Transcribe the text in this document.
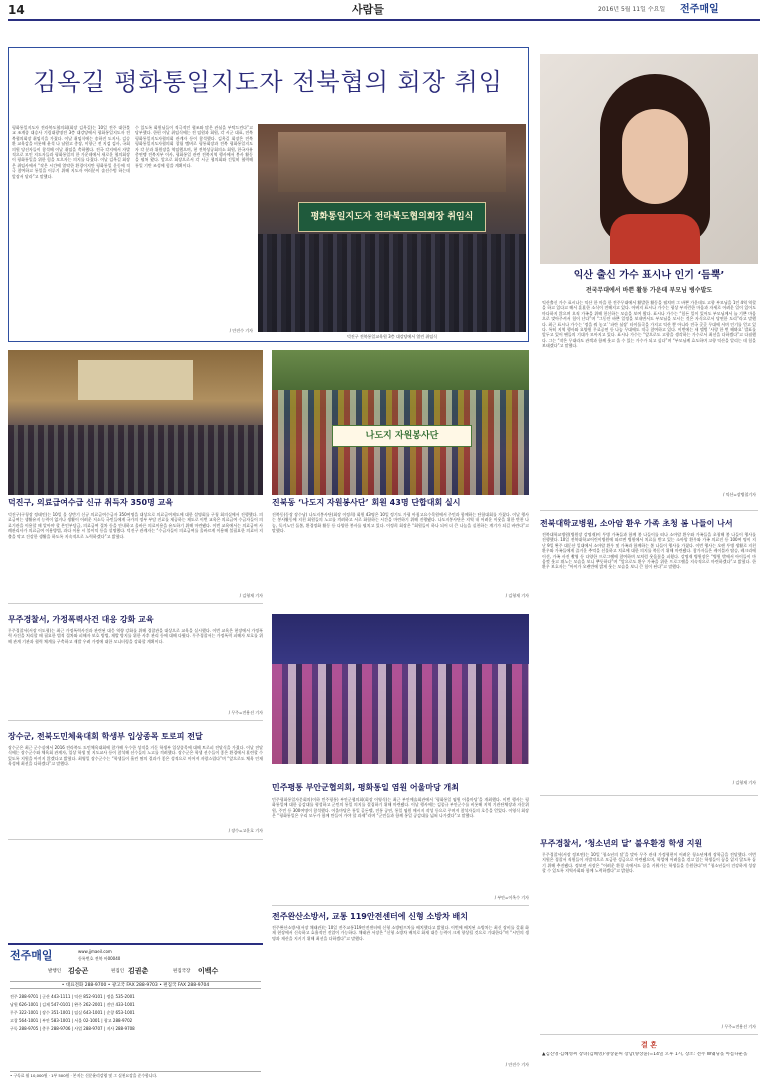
14	사람들	2016년 5월 11일 수요일 전주매일
김옥길 평화통일지도자 전북협의 회장 취임
평화통일지도자 전라북도협의회(회장 김옥길)는 10일 전주 대한불교 조계종 대승사 기림대광명전 3층 대강당에서 평화통일지도자 전북협의회장 취임식을 가졌다. 이날 취임식에는 송하진 도지사, 김승환 교육감을 비롯해 윤석 나 남원고 총장, 이향근 전 지검 검사, 국회의원 당선자들이 참석해 이날 취임을 축하했다. 전국 각지에서 자발적으로 모인 지도자들과 평화통일의 한 가운데에서 새로운 협의회장이 평화통일을 위한 힘을 모으자는 의지를 다졌다. 이날 김옥길 회장은 취임사에서 “작은 시간에 열악한 환경이지만 평화통일 운동에 적극 참여하고 통일을 이루기 위해 지도자 여러분이 솔선수범 하는데 앞장서 달라”고 말했다.
수 있도록 회원님들이 적극적인 협조와 많은 관심을 부탁드린다”고 당부했다. 한편 이날 취임식에는 전 임원과 회원, 각 시군 대표, 전북 평화통일지도자협의회 관계자 등이 참석했다. 김옥길 회장은 전북 평화통일지도자협의회 창립 멤버로 평통회장과 전북 평화통일지도자 각 분과 위원장을 역임했으며, 현 전북상공회의소 회원, 한국자유총연맹 전북지부 이사, 평화통일 관련 전북지역 행사에서 봉사 활동을 펼쳐 왔다. 앞으로 회장으로서 각 시군 협의회와 긴밀히 협력해 통일 기반 조성에 힘쓸 계획이다.
/ 안진수 기자
평화통일지도자 전라북도협의회장 취임식
덕진구 전북통일교육원 3층 대강당에서 열린 취임식
익산 출신 가수 표시나 인기 ‘듬뿍’
전국무대에서 바쁜 활동 가운데 부모님 병수발도
익산출신 가수 표시나는 익산 한 마을 한 전주무대에서 활발한 활동을 펼치며 그 바쁜 가운데도 고향 부모님을 1인 4역 역할을 하고 있다고 해서 훈훈한 소식이 전해지고 있다. 아버지 표시나 가수는 평상 부지런한 마음과 자세로 어려운 일이 있어도 마다하지 않으며 오직 가족을 위해 헌신하는 모습을 보여 왔다. 표시나 가수는 “힘든 일이 있어도 부모님께서 늘 기쁜 마음으로 맞아주셔서 힘이 난다”며 “그동안 바쁜 일정을 보내면서도 부모님을 모시는 것은 자식으로서 당연한 도리”라고 말했다. 최근 표시나 가수는 ‘정을 줘 놓고’ ‘파란 심장’ 타이틀곡을 가지고 익산 뿐 아니라 전국 곳곳 무대에 서며 인기를 얻고 있다. 특히 지역 행사와 요양원 무료공연 등 나눔 무대에도 적극 참여하고 있다. 이번에는 새 앨범 ‘사랑 한 번 해봐요’ 발표를 앞두고 있어 팬들의 기대가 모아지고 있다. 표시나 가수는 “앞으로도 고향을 생각하는 가수로서 최선을 다하겠다”고 다짐했다. 그는 “작은 무대라도 관객과 함께 웃고 울 수 있는 가수가 되고 싶다”며 “부모님께 효도하며 고향 익산을 알리는 데 힘을 보태겠다”고 말했다.
/ 익산=장병철기자
덕진구, 의료급여수급 신규 취득자 350명 교육
덕진구(구청장 정태인)는 10일 올 상반기 신규 의료급여수급자 350여명을 대상으로 의료급여제도에 대한 설명회를 구청 회의실에서 진행했다. 의료급여는 생활유지 능력이 없거나 생활이 어려운 저소득 국민들에게 국가의 정부 부담 진료를 제공하는 제도로 이번 교육은 의료급여 수급자들이 의료기관을 이용할 때 알아야 할 본인부담금, 의료급여 절차 등을 안내하고 올바른 의료이용을 유도하기 위해 마련됐다. 이번 교육에서는 의료급여 사례관리사가 의료급여 이용방법, 과다 이용 시 불이익 등을 설명했다. 덕진구 관계자는 “수급자들이 의료급여를 올바르게 이용해 불필요한 의료비 지출을 막고 건강한 생활을 하도록 지속적으로 노력하겠다”고 밝혔다.
/ 김형재 기자
나도지 자원봉사단
진북동 ‘나도지 자원봉사단’ 회원 43명 단합대회 실시
진북동(동장 장수남) 나도지봉사단(회장 이정희) 회원 43명은 10일 정기도 가평 아침고요수목원에서 주민과 함께하는 단합대회를 가졌다. 이날 행사는 봉사활동에 지친 회원들의 노고를 격려하고 서로 화합하는 시간을 마련하기 위해 진행됐다. 나도지봉사단은 지역 내 어려운 이웃을 위한 반찬 나눔, 독거노인 돌봄, 환경정화 활동 등 다양한 봉사를 펼치고 있다. 이정희 회장은 “회원들이 하나 되어 더 큰 나눔을 실천하는 계기가 되길 바란다”고 말했다.
/ 김형재 기자
무주경찰서, 가정폭력사건 대응 강화 교육
무주경찰서(서장 이도형)는 최근 가정폭력사건과 관련된 대응 역량 강화를 위해 경찰관을 대상으로 교육을 실시했다. 이번 교육은 현장에서 가정폭력 사건을 처리할 때 필요한 법적 절차와 피해자 보호 방법, 재발 방지를 위한 사후 관리 등에 대해 다뤘다. 무주경찰서는 가정폭력 피해자 보호를 위해 관계 기관과 협력 체계를 구축하고 재발 우려 가정에 대한 모니터링을 강화할 계획이다.
/ 무주=전용선 기자
장수군, 전북도민체육대회 학생부 입상종목 토로피 전달
장수군은 최근 군수실에서 2016 전라북도 도민체육대회에 참가해 우수한 성적을 거둔 학생부 입상종목에 대해 트로피 전달식을 가졌다. 이날 전달식에는 장수군수와 체육회 관계자, 입상 학생 및 지도교사 등이 참석해 선수들의 노고를 격려했다. 장수군은 학생 선수들이 좋은 환경에서 훈련할 수 있도록 지원을 아끼지 않겠다고 밝혔다. 최영일 장수군수는 “학생들이 흘린 땀의 결과가 좋은 성적으로 이어져 자랑스럽다”며 “앞으로도 체육 인재 육성에 최선을 다하겠다”고 말했다.
/ 장수=고운호 기자
민주평통 부안군협의회, 평화통일 염원 어울마당 개최
민주평화통일자문회의(이하 민주평통) 부안군협의회(회장 이영식)는 최근 부안예술회관에서 ‘평화통일 염원 어울마당’을 개최했다. 이번 행사는 평화통일에 대한 공감대를 형성하고 군민의 통일 의지를 결집하기 위해 마련됐다. 이날 행사에는 김종규 부안군수를 비롯해 지역 기관단체장과 자문위원, 주민 등 300여명이 참석했다. 어울마당은 통일 골든벨, 전통 공연, 통일 염원 메시지 작성 등으로 꾸며져 참석자들의 호응을 얻었다. 이영식 회장은 “평화통일은 우리 모두가 함께 만들어 가야 할 과제”라며 “군민들과 함께 통일 공감대를 넓혀 나가겠다”고 말했다.
/ 부안=이옥수 기자
전주완산소방서, 교통 119안전센터에 신형 소방차 배치
전주완산소방서(서장 채태관)는 10일 전주교통119안전센터에 신형 소방펌프차를 배치했다고 밝혔다. 이번에 배치된 소방차는 최신 장비를 갖춰 화재 현장에서 신속하고 효율적인 진압이 가능하다. 채태관 서장은 “신형 소방차 배치로 화재 대응 능력이 크게 향상될 것으로 기대한다”며 “시민의 생명과 재산을 지키기 위해 최선을 다하겠다”고 말했다.
/ 안진수 기자
전북대학교병원, 소아암 환우 가족 초청 봄 나들이 나서
전북대학교병원(병원장 강명재)이 투병 가족들과 함께 봄 나들이를 떠나 소아암 환우와 가족들을 초청해 봄 나들이 행사를 진행했다. 10일 전북대학교어린이병원에 따르면 병원에서 치료를 받고 있는 소아암 환우와 가족 의료진 등 100여 명이 지난 9일 완주 대둔산 일대에서 소아암 환우 및 가족과 함께하는 봄 나들이 행사를 가졌다. 이번 행사는 오랜 투병 생활로 지친 환우와 가족들에게 즐거운 추억을 선물하고 치료에 대한 의지를 북돋기 위해 마련됐다. 참가자들은 케이블카 탑승, 레크리에이션, 가족 사진 촬영 등 다양한 프로그램에 참여하며 모처럼 웃음꽃을 피웠다. 강명재 병원장은 “병원 밖에서 아이들이 마음껏 웃고 뛰노는 모습을 보니 뿌듯하다”며 “앞으로도 환우 가족을 위한 프로그램을 지속적으로 마련하겠다”고 밝혔다. 한 환우 보호자는 “아이가 오랜만에 밝게 웃는 모습을 보니 큰 힘이 된다”고 말했다.
/ 김형재 기자
무주경찰서, ‘청소년의 달’ 불우환경 학생 지원
무주경찰서(서장 정보연)는 10일 ‘청소년의 달’을 맞아 무주 관내 가정형편이 어려운 청소년에게 장학금을 전달했다. 이번 지원은 경찰서 직원들이 자발적으로 모금한 성금으로 마련됐으며, 학업에 어려움을 겪고 있는 학생들이 꿈을 잃지 않도록 돕기 위해 추진됐다. 정보연 서장은 “어려운 환경 속에서도 꿈을 키워가는 학생들을 응원한다”며 “청소년들이 건강하게 성장할 수 있도록 지역사회와 함께 노력하겠다”고 밝혔다.
/ 무주=전용선 기자
결 혼
▲김진영·김혜영씨 장녀(김혜영)·양상윤씨 장남(양상윤)=14일 오후 1시, 장소: 전주 W웨딩홀 아름다운홀
전주매일	www.jjmaeil.com
등록번호 전북 아00040
발행인 김승곤	편집인 김권춘	편집국장	이백수
• 대표전화 288-9700 • 광고국 FAX 288-9703 • 편집국 FAX 288-9704
전주 288-9701 | 군산 443-1111 | 익산 852-9101 | 정읍 535-2001
남원 626-1001 | 김제 547-0101 | 완주 262-2001 | 진안 433-1001
무주 322-1001 | 장수 351-1001 | 임실 643-1001 | 순창 653-1001
고창 564-1001 | 부안 583-1001 | 서울 02-1001 | 광고 288-9702
구독 288-9705 | 총무 288-9706 | 사업 288-9707 | 지사 288-9708
• 구독료 월 10,000원 · 1부 500원 · 본지는 신문윤리강령 및 그 실천요강을 준수합니다.
